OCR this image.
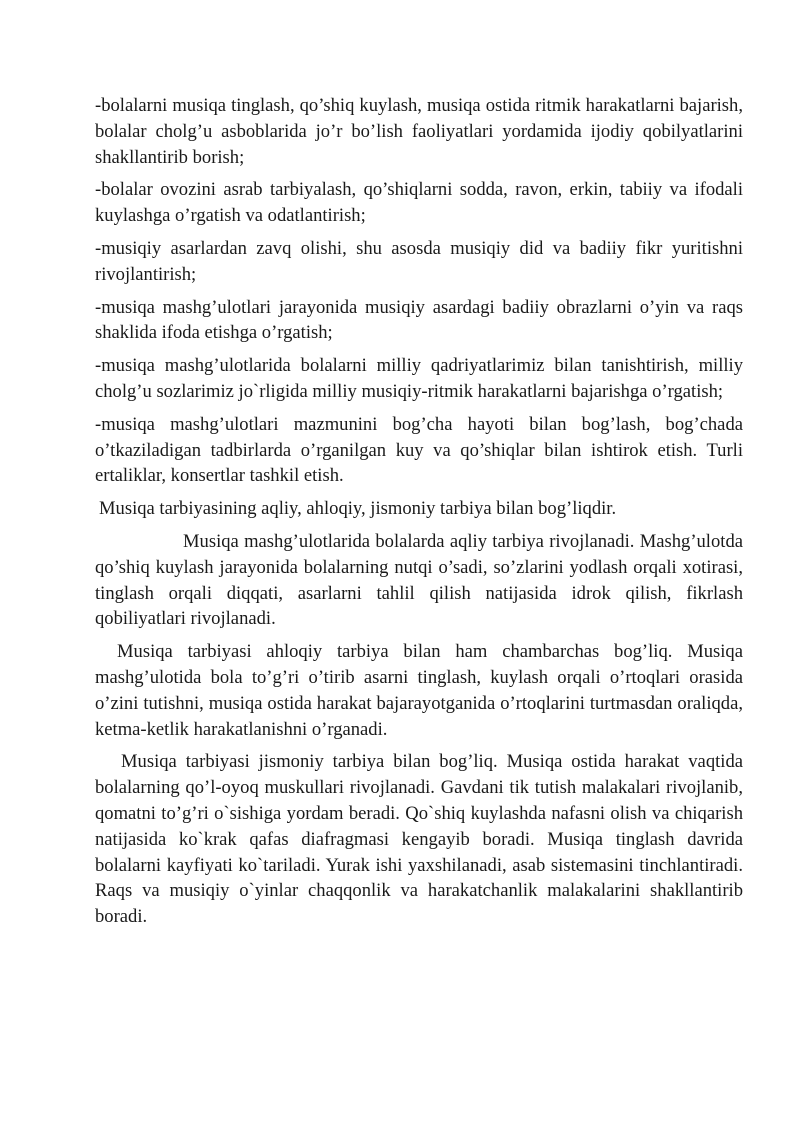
-bolalarni musiqa tinglash, qo’shiq kuylash, musiqa ostida ritmik harakatlarni bajarish, bolalar cholg’u asboblarida jo’r bo’lish faoliyatlari yordamida ijodiy qobilyatlarini shakllantirib borish;

-bolalar ovozini asrab tarbiyalash, qo’shiqlarni sodda, ravon, erkin, tabiiy va ifodali kuylashga o’rgatish va odatlantirish;

-musiqiy asarlardan zavq olishi, shu asosda musiqiy did va badiiy fikr yuritishni rivojlantirish;

-musiqa mashg’ulotlari jarayonida musiqiy asardagi badiiy obrazlarni o’yin va raqs shaklida ifoda etishga o’rgatish;

-musiqa mashg’ulotlarida bolalarni milliy qadriyatlarimiz bilan tanishtirish, milliy cholg’u sozlarimiz jo`rligida milliy musiqiy-ritmik harakatlarni bajarishga o’rgatish;

-musiqa mashg’ulotlari mazmunini bog’cha hayoti bilan bog’lash, bog’chada o’tkaziladigan tadbirlarda o’rganilgan kuy va qo’shiqlar bilan ishtirok etish. Turli ertaliklar, konsertlar tashkil etish.

Musiqa tarbiyasining aqliy, ahloqiy, jismoniy tarbiya bilan bog’liqdir.

Musiqa mashg’ulotlarida bolalarda aqliy tarbiya rivojlanadi. Mashg’ulotda qo’shiq kuylash jarayonida bolalarning nutqi o’sadi, so’zlarini yodlash orqali xotirasi, tinglash orqali diqqati, asarlarni tahlil qilish natijasida idrok qilish, fikrlash qobiliyatlari rivojlanadi.

Musiqa tarbiyasi ahloqiy tarbiya bilan ham chambarchas bog’liq. Musiqa mashg’ulotida bola to’g’ri o’tirib asarni tinglash, kuylash orqali o’rtoqlari orasida o’zini tutishni, musiqa ostida harakat bajarayotganida o’rtoqlarini turtmasdan oraliqda, ketma-ketlik harakatlanishni o’rganadi.

Musiqa tarbiyasi jismoniy tarbiya bilan bog’liq. Musiqa ostida harakat vaqtida bolalarning qo’l-oyoq muskullari rivojlanadi. Gavdani tik tutish malakalari rivojlanib, qomatni to’g’ri o`sishiga yordam beradi. Qo`shiq kuylashda nafasni olish va chiqarish natijasida ko`krak qafas diafragmasi kengayib boradi. Musiqa tinglash davrida bolalarni kayfiyati ko`tariladi. Yurak ishi yaxshilanadi, asab sistemasini tinchlantiradi. Raqs va musiqiy o`yinlar chaqqonlik va harakatchanlik malakalarini shakllantirib boradi.
